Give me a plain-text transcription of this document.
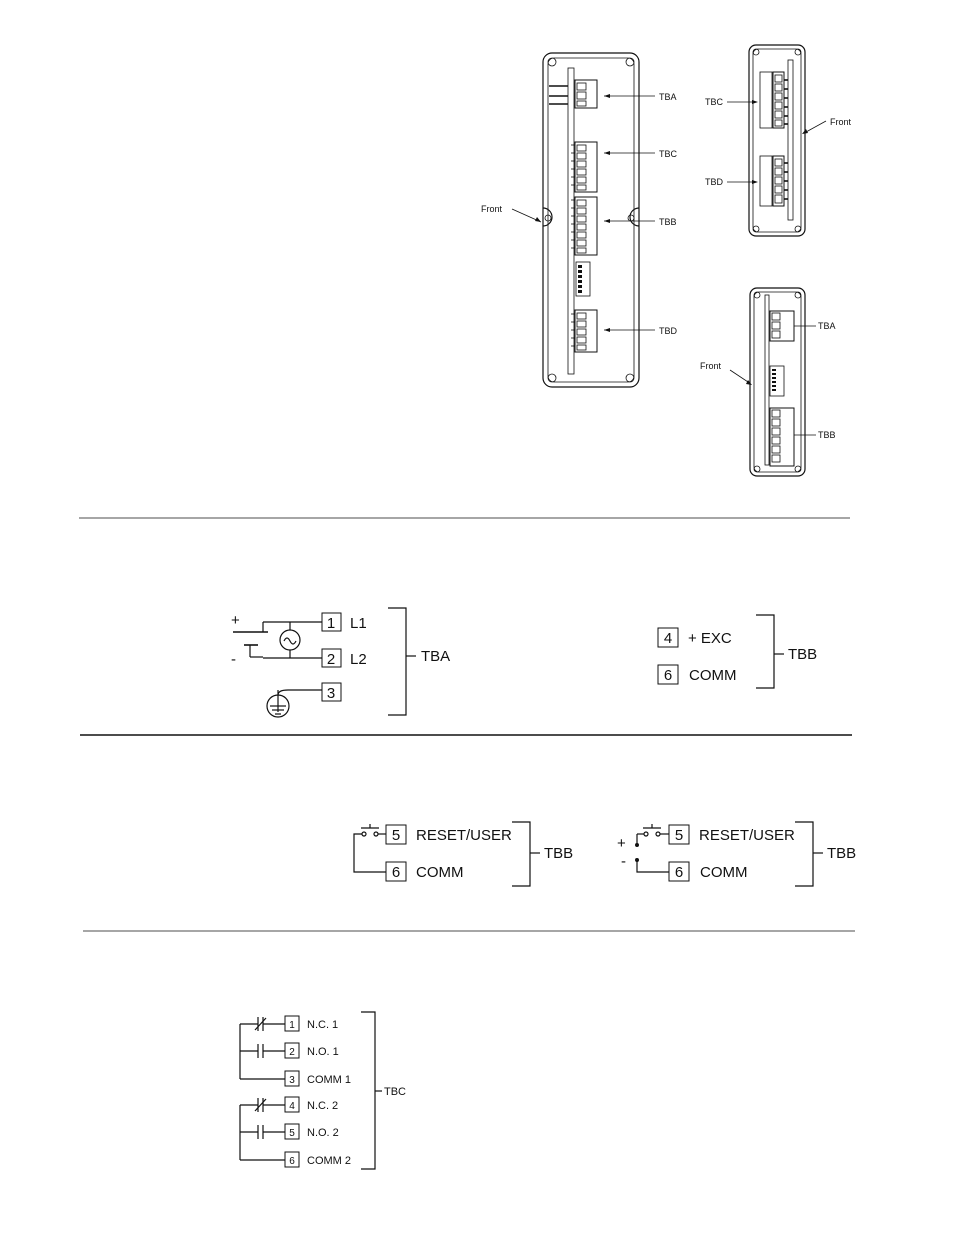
TBA
TBC
TBB
TBD
Front
TBC
TBD
Front
TBA
TBB
Front
1
2
3
L1
L2
+
-	TBA
4
6
+ EXC
COMM
TBB
5
6
RESET/USER
COMM
TBB
+
-
5
6
RESET/USER
COMM
TBB
1
2
3
4
5
6
N.C. 1
N.O. 1
COMM 1
N.C. 2
N.O. 2
COMM 2
TBC
